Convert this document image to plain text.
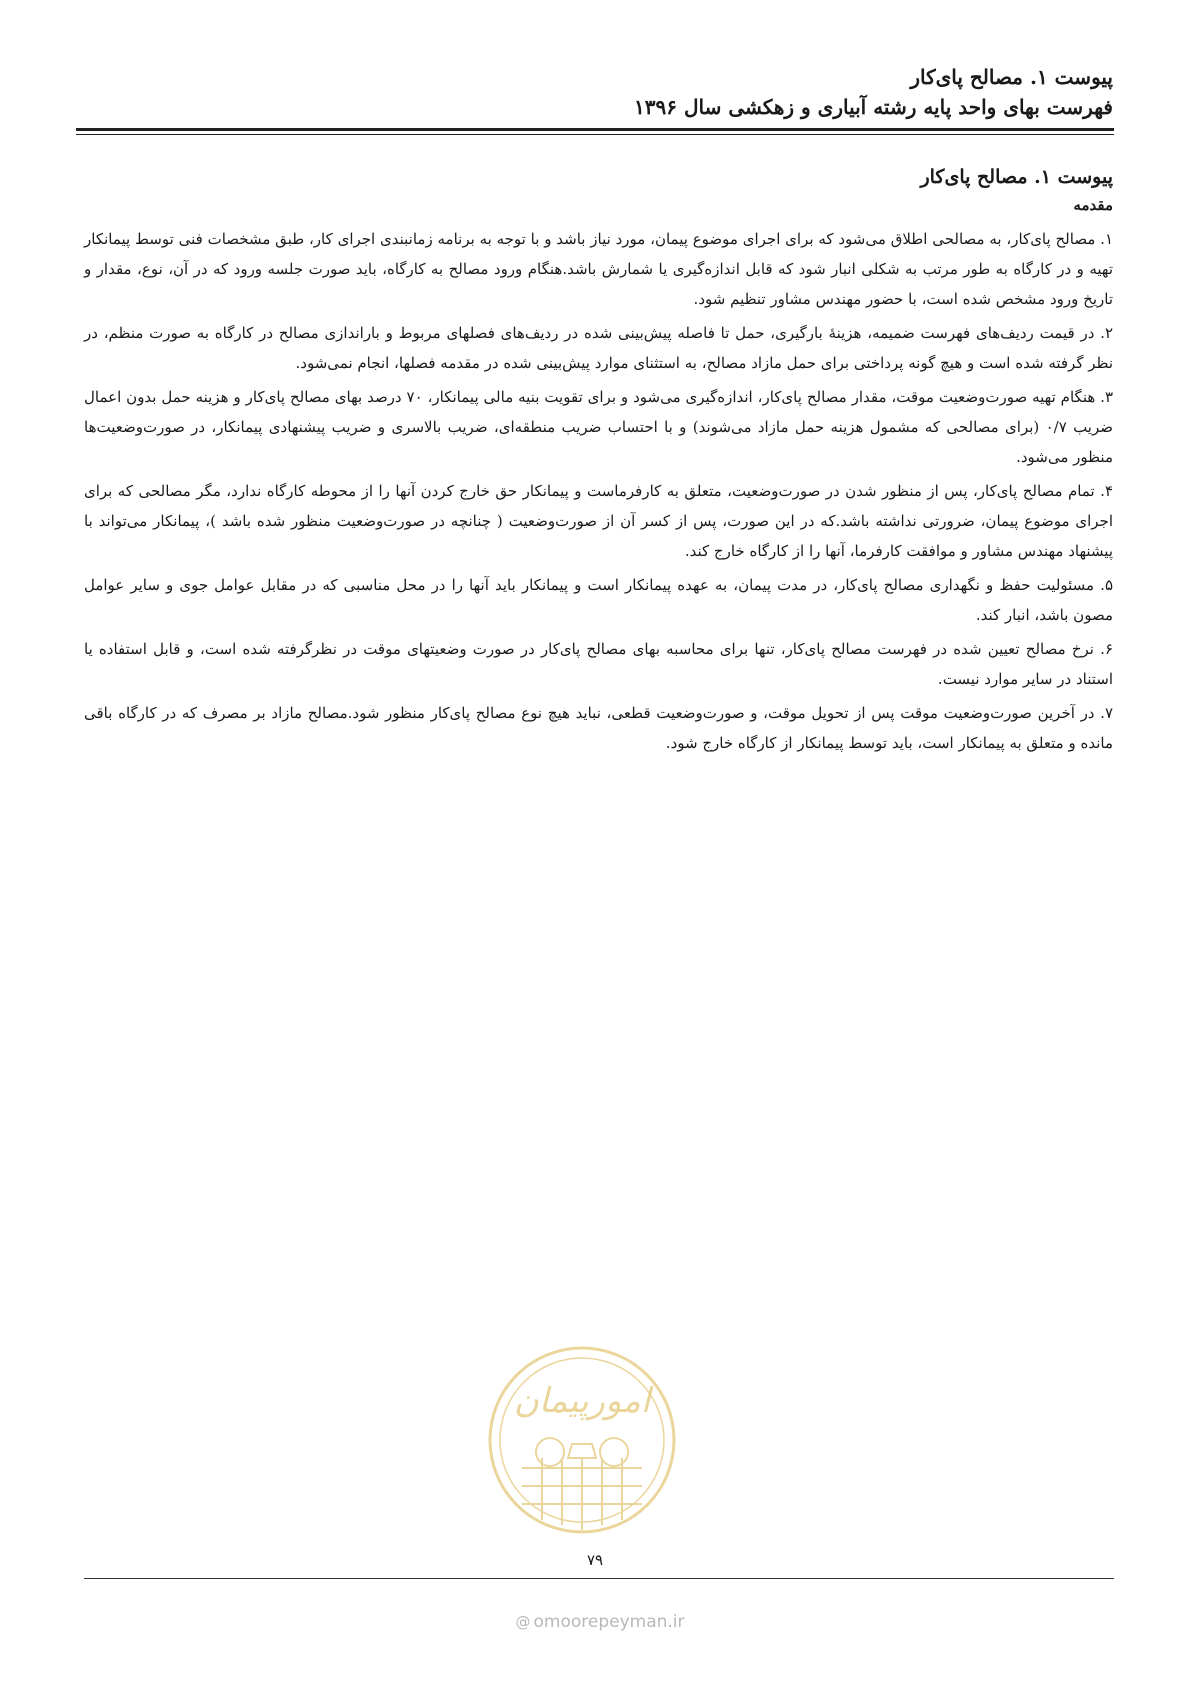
پیوست ۱. مصالح پای‌کار
فهرست بهای واحد پایه رشته آبیاری و زهکشی سال ۱۳۹۶
پیوست ۱. مصالح پای‌کار
مقدمه

۱. مصالح پای‌کار، به مصالحی اطلاق می‌شود که برای اجرای موضوع پیمان، مورد نیاز باشد و با توجه به برنامه زمانبندی اجرای کار، طبق مشخصات فنی توسط پیمانکار تهیه و در کارگاه به طور مرتب به شکلی انبار شود که قابل اندازه‌گیری یا شمارش باشد.هنگام ورود مصالح به کارگاه، باید صورت جلسه ورود که در آن، نوع، مقدار و تاریخ ورود مشخص شده است، با حضور مهندس مشاور تنظیم شود.

۲. در قیمت ردیف‌های فهرست ضمیمه، هزینهٔ بارگیری، حمل تا فاصله پیش‌بینی شده در ردیف‌های فصلهای مربوط و باراندازی مصالح در کارگاه به صورت منظم، در نظر گرفته شده است و هیچ گونه پرداختی برای حمل مازاد مصالح، به استثنای موارد پیش‌بینی شده در مقدمه فصلها، انجام نمی‌شود.

۳. هنگام تهیه صورت‌وضعیت موقت، مقدار مصالح پای‌کار، اندازه‌گیری می‌شود و برای تقویت بنیه مالی پیمانکار، ۷۰ درصد بهای مصالح پای‌کار و هزینه حمل بدون اعمال ضریب ۰/۷ (برای مصالحی که مشمول هزینه حمل مازاد می‌شوند) و با احتساب ضریب منطقه‌ای، ضریب بالاسری و ضریب پیشنهادی پیمانکار، در صورت‌وضعیت‌ها منظور می‌شود.

۴. تمام مصالح پای‌کار، پس از منظور شدن در صورت‌وضعیت، متعلق به کارفرماست و پیمانکار حق خارج کردن آنها را از محوطه کارگاه ندارد، مگر مصالحی که برای اجرای موضوع پیمان، ضرورتی نداشته باشد.که در این صورت، پس از کسر آن از صورت‌وضعیت ( چنانچه در صورت‌وضعیت منظور شده باشد )، پیمانکار می‌تواند با پیشنهاد مهندس مشاور و موافقت کارفرما، آنها را از کارگاه خارج کند.

۵. مسئولیت حفظ و نگهداری مصالح پای‌کار، در مدت پیمان، به عهده پیمانکار است و پیمانکار باید آنها را در محل مناسبی که در مقابل عوامل جوی و سایر عوامل مصون باشد، انبار کند.

۶. نرخ مصالح تعیین شده در فهرست مصالح پای‌کار، تنها برای محاسبه بهای مصالح پای‌کار در صورت وضعیتهای موقت در نظرگرفته شده است، و قابل استفاده یا استناد در سایر موارد نیست.

۷. در آخرین صورت‌وضعیت موقت پس از تحویل موقت، و صورت‌وضعیت قطعی، نباید هیچ نوع مصالح پای‌کار منظور شود.مصالح مازاد بر مصرف که در کارگاه باقی مانده و متعلق به پیمانکار است، باید توسط پیمانکار از کارگاه خارج شود.

امورپیمان
۷۹
@ omoorepeyman.ir
